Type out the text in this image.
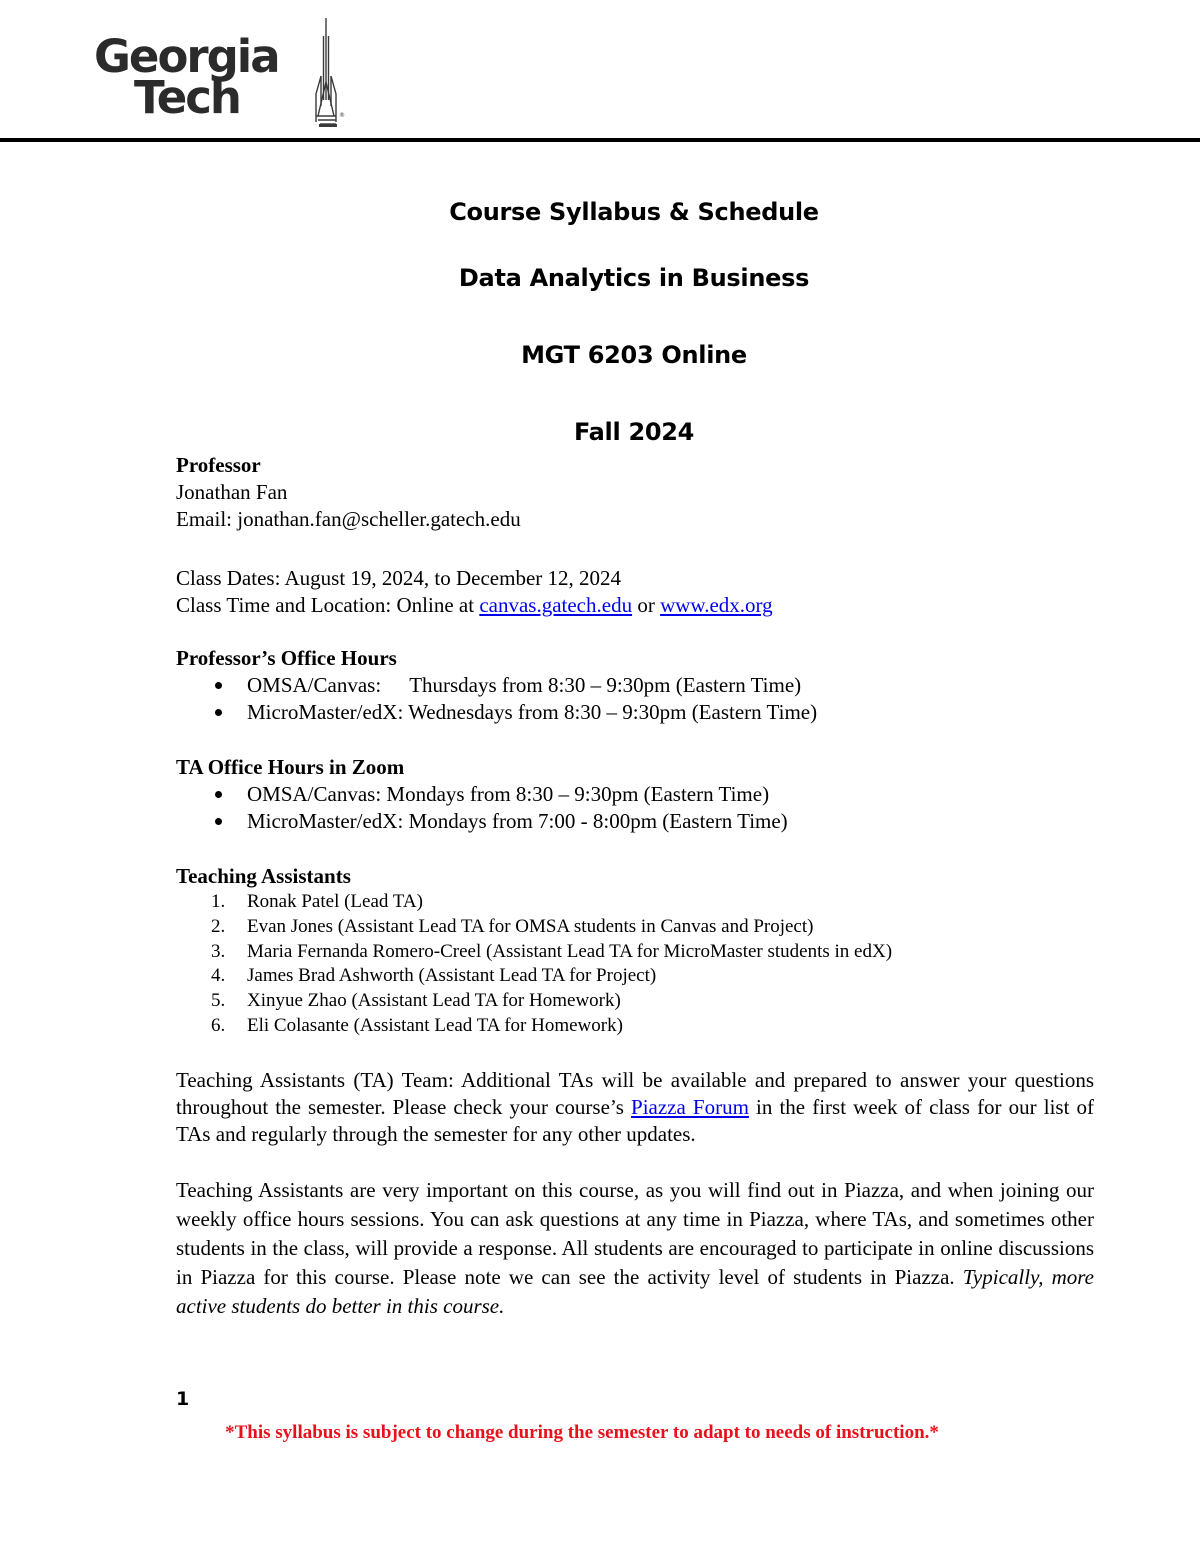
Georgia
Tech	®
Course Syllabus & Schedule
Data Analytics in Business
MGT 6203 Online
Fall 2024
Professor
Jonathan Fan
Email: jonathan.fan@scheller.gatech.edu
Class Dates: August 19, 2024, to December 12, 2024
Class Time and Location: Online at canvas.gatech.edu or www.edx.org
Professor’s Office Hours
OMSA/Canvas: Thursdays from 8:30 – 9:30pm (Eastern Time)
MicroMaster/edX: Wednesdays from 8:30 – 9:30pm (Eastern Time)
TA Office Hours in Zoom
OMSA/Canvas: Mondays from 8:30 – 9:30pm (Eastern Time)
MicroMaster/edX: Mondays from 7:00 - 8:00pm (Eastern Time)
Teaching Assistants
1. Ronak Patel (Lead TA)
2. Evan Jones (Assistant Lead TA for OMSA students in Canvas and Project)
3. Maria Fernanda Romero-Creel (Assistant Lead TA for MicroMaster students in edX)
4. James Brad Ashworth (Assistant Lead TA for Project)
5. Xinyue Zhao (Assistant Lead TA for Homework)
6. Eli Colasante (Assistant Lead TA for Homework)
Teaching Assistants (TA) Team: Additional TAs will be available and prepared to answer your questions throughout the semester. Please check your course’s Piazza Forum in the first week of class for our list of TAs and regularly through the semester for any other updates.
Teaching Assistants are very important on this course, as you will find out in Piazza, and when joining our weekly office hours sessions. You can ask questions at any time in Piazza, where TAs, and sometimes other students in the class, will provide a response. All students are encouraged to participate in online discussions in Piazza for this course. Please note we can see the activity level of students in Piazza. Typically, more active students do better in this course.
1
*This syllabus is subject to change during the semester to adapt to needs of instruction.*
